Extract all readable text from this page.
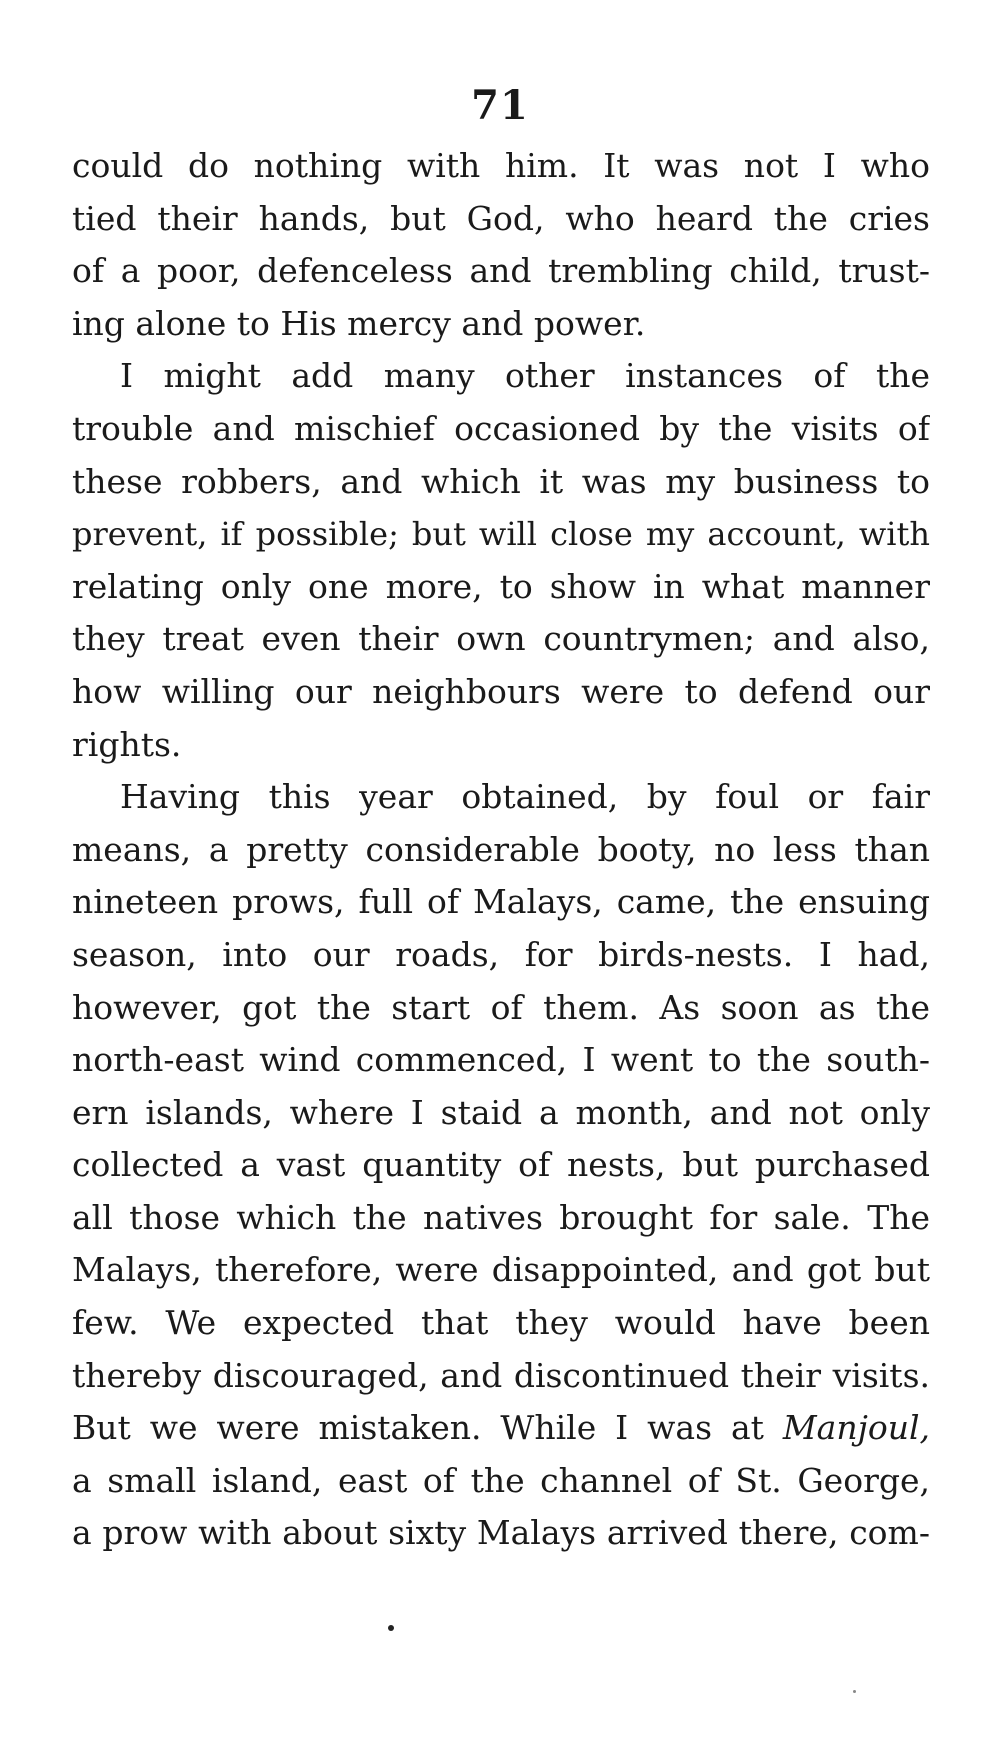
71
could do nothing with him. It was not I who
tied their hands, but God, who heard the cries
of a poor, defenceless and trembling child, trust-
ing alone to His mercy and power.
I might add many other instances of the
trouble and mischief occasioned by the visits of
these robbers, and which it was my business to
prevent, if possible; but will close my account, with
relating only one more, to show in what manner
they treat even their own countrymen; and also,
how willing our neighbours were to defend our
rights.
Having this year obtained, by foul or fair
means, a pretty considerable booty, no less than
nineteen prows, full of Malays, came, the ensuing
season, into our roads, for birds-nests. I had,
however, got the start of them. As soon as the
north-east wind commenced, I went to the south-
ern islands, where I staid a month, and not only
collected a vast quantity of nests, but purchased
all those which the natives brought for sale. The
Malays, therefore, were disappointed, and got but
few. We expected that they would have been
thereby discouraged, and discontinued their visits.
But we were mistaken. While I was at Manjoul,
a small island, east of the channel of St. George,
a prow with about sixty Malays arrived there, com-
